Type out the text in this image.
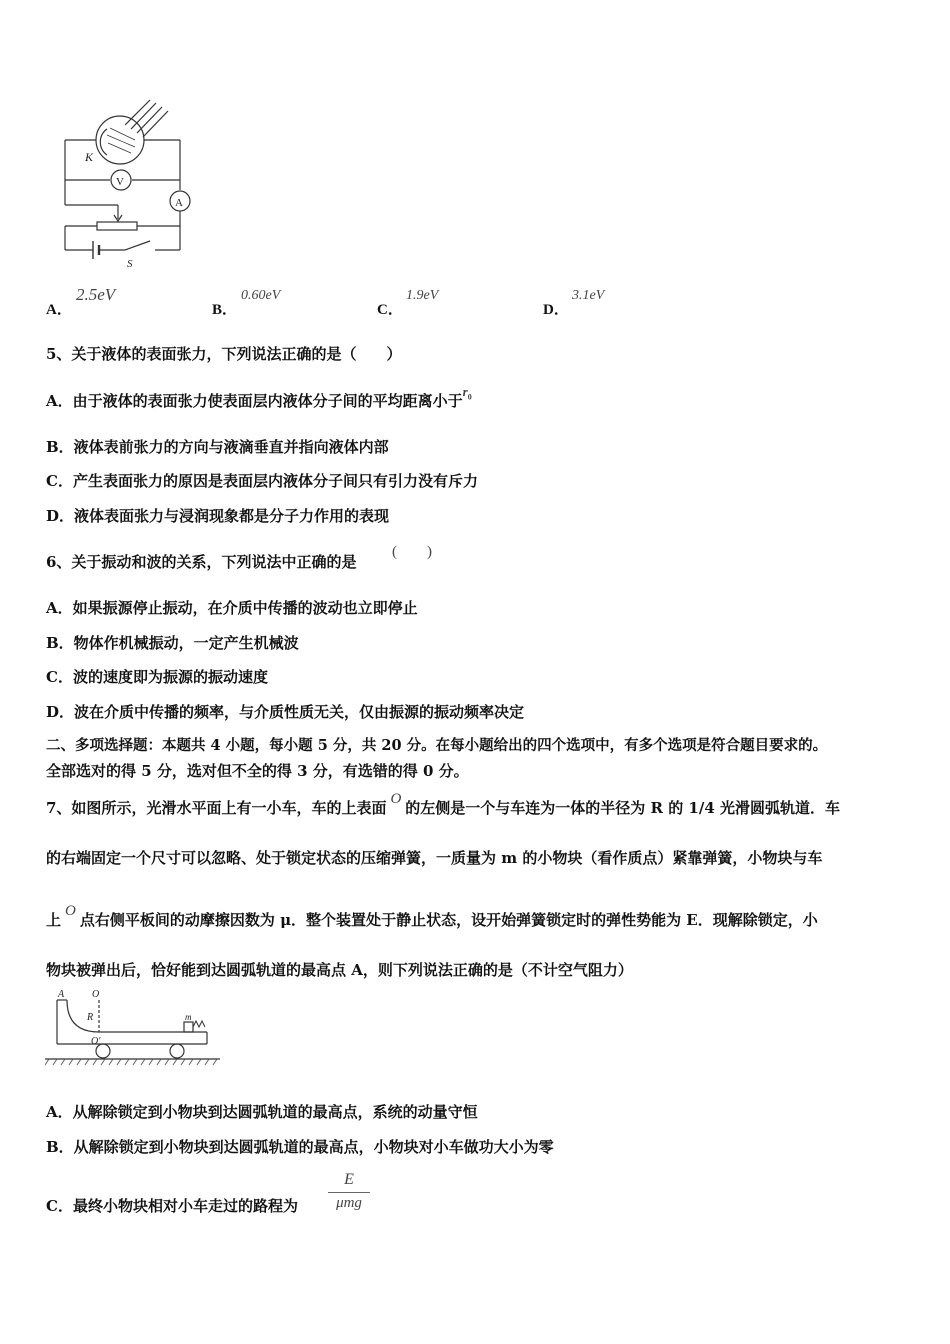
K
V
A
S
A．
2.5eV
B．
0.60eV
C．
1.9eV
D．
3.1eV
5、关于液体的表面张力，下列说法正确的是（　　）
A．由于液体的表面张力使表面层内液体分子间的平均距离小于$r_0$
B．液体表前张力的方向与液滴垂直并指向液体内部
C．产生表面张力的原因是表面层内液体分子间只有引力没有斥力
D．液体表面张力与浸润现象都是分子力作用的表现
6、关于振动和波的关系，下列说法中正确的是
(　　)
A．如果振源停止振动，在介质中传播的波动也立即停止
B．物体作机械振动，一定产生机械波
C．波的速度即为振源的振动速度
D．波在介质中传播的频率，与介质性质无关，仅由振源的振动频率决定
二、多项选择题：本题共 4 小题，每小题 5 分，共 20 分。在每小题给出的四个选项中，有多个选项是符合题目要求的。
全部选对的得 5 分，选对但不全的得 3 分，有选错的得 0 分。
7、如图所示，光滑水平面上有一小车，车的上表面 O 的左侧是一个与车连为一体的半径为 R 的 1/4 光滑圆弧轨道．车
的右端固定一个尺寸可以忽略、处于锁定状态的压缩弹簧，一质量为 m 的小物块（看作质点）紧靠弹簧，小物块与车
上 O 点右侧平板间的动摩擦因数为 μ．整个装置处于静止状态，设开始弹簧锁定时的弹性势能为 E．现解除锁定，小
物块被弹出后，恰好能到达圆弧轨道的最高点 A，则下列说法正确的是（不计空气阻力）
A	O
R
O′
m
A．从解除锁定到小物块到达圆弧轨道的最高点，系统的动量守恒
B．从解除锁定到小物块到达圆弧轨道的最高点，小物块对小车做功大小为零
C．最终小物块相对小车走过的路程为
E
μmg
